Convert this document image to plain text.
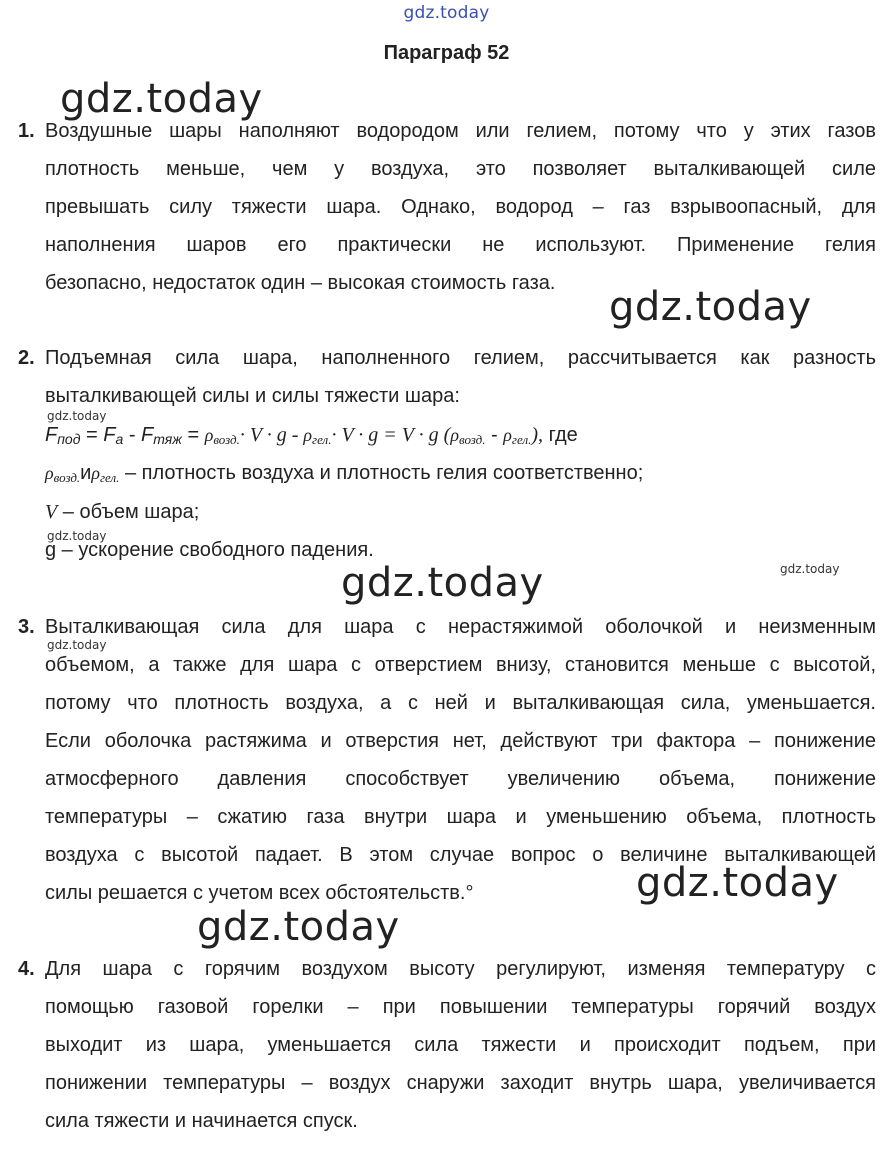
gdz.today
Параграф 52
gdz.today
gdz.today
gdz.today
gdz.today
gdz.today
gdz.today
gdz.today
gdz.today
gdz.today
1. Воздушные шары наполняют водородом или гелием, потому что у этих газов
плотность меньше, чем у воздуха, это позволяет выталкивающей силе
превышать силу тяжести шара. Однако, водород – газ взрывоопасный, для
наполнения шаров его практически не используют. Применение гелия
безопасно, недостаток один – высокая стоимость газа.
2. Подъемная сила шара, наполненного гелием, рассчитывается как разность
выталкивающей силы и силы тяжести шара:
Fпод = Fа - Fтяж = ρвозд.· V · g - ρгел.· V · g = V · g (ρвозд. - ρгел.), где
ρвозд.иρгел. – плотность воздуха и плотность гелия соответственно;
V – объем шара;
g – ускорение свободного падения.
3. Выталкивающая сила для шара с нерастяжимой оболочкой и неизменным
объемом, а также для шара с отверстием внизу, становится меньше с высотой,
потому что плотность воздуха, а с ней и выталкивающая сила, уменьшается.
Если оболочка растяжима и отверстия нет, действуют три фактора – понижение
атмосферного давления способствует увеличению объема, понижение
температуры – сжатию газа внутри шара и уменьшению объема, плотность
воздуха с высотой падает. В этом случае вопрос о величине выталкивающей
силы решается с учетом всех обстоятельств.°
4. Для шара с горячим воздухом высоту регулируют, изменяя температуру с
помощью газовой горелки – при повышении температуры горячий воздух
выходит из шара, уменьшается сила тяжести и происходит подъем, при
понижении температуры – воздух снаружи заходит внутрь шара, увеличивается
сила тяжести и начинается спуск.
